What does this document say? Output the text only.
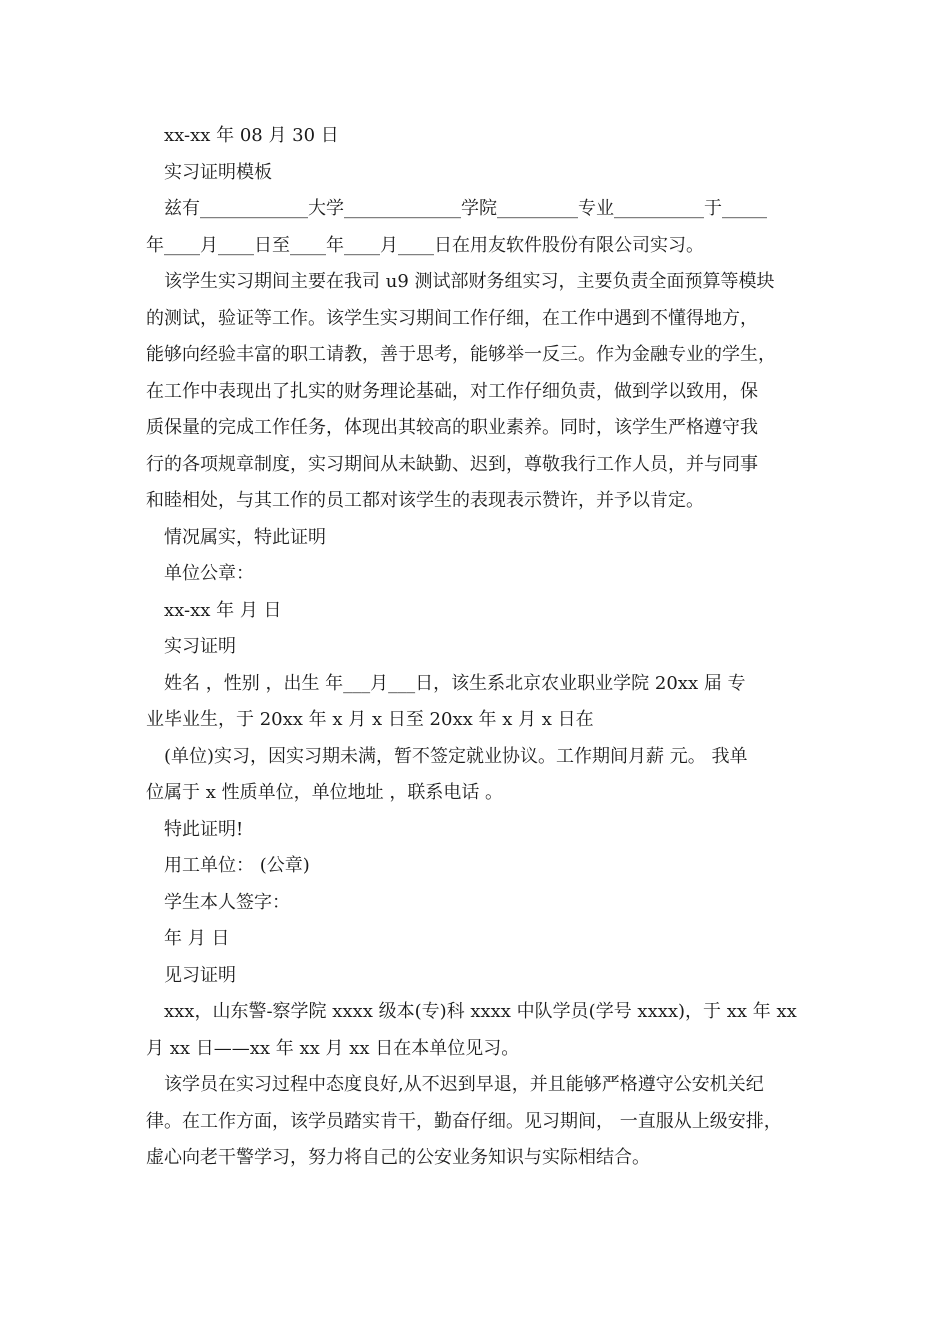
xx-xx 年 08 月 30 日
实习证明模板
兹有____________大学_____________学院_________专业__________于_____
年____月____日至____年____月____日在用友软件股份有限公司实习。
该学生实习期间主要在我司 u9 测试部财务组实习，主要负责全面预算等模块
的测试，验证等工作。该学生实习期间工作仔细，在工作中遇到不懂得地方，
能够向经验丰富的职工请教，善于思考，能够举一反三。作为金融专业的学生，
在工作中表现出了扎实的财务理论基础，对工作仔细负责，做到学以致用，保
质保量的完成工作任务，体现出其较高的职业素养。同时，该学生严格遵守我
行的各项规章制度，实习期间从未缺勤、迟到，尊敬我行工作人员，并与同事
和睦相处，与其工作的员工都对该学生的表现表示赞许，并予以肯定。
情况属实，特此证明
单位公章：
xx-xx 年 月 日
实习证明
姓名 ，性别 ，出生 年___月___日，该生系北京农业职业学院 20xx 届 专
业毕业生，于 20xx 年 x 月 x 日至 20xx 年 x 月 x 日在
(单位)实习，因实习期未满，暂不签定就业协议。工作期间月薪 元。 我单
位属于 x 性质单位，单位地址 ，联系电话 。
特此证明!
用工单位： (公章)
学生本人签字：
年 月 日
见习证明
xxx，山东警-察学院 xxxx 级本(专)科 xxxx 中队学员(学号 xxxx)，于 xx 年 xx
月 xx 日——xx 年 xx 月 xx 日在本单位见习。
该学员在实习过程中态度良好,从不迟到早退，并且能够严格遵守公安机关纪
律。在工作方面，该学员踏实肯干，勤奋仔细。见习期间， 一直服从上级安排，
虚心向老干警学习，努力将自己的公安业务知识与实际相结合。
